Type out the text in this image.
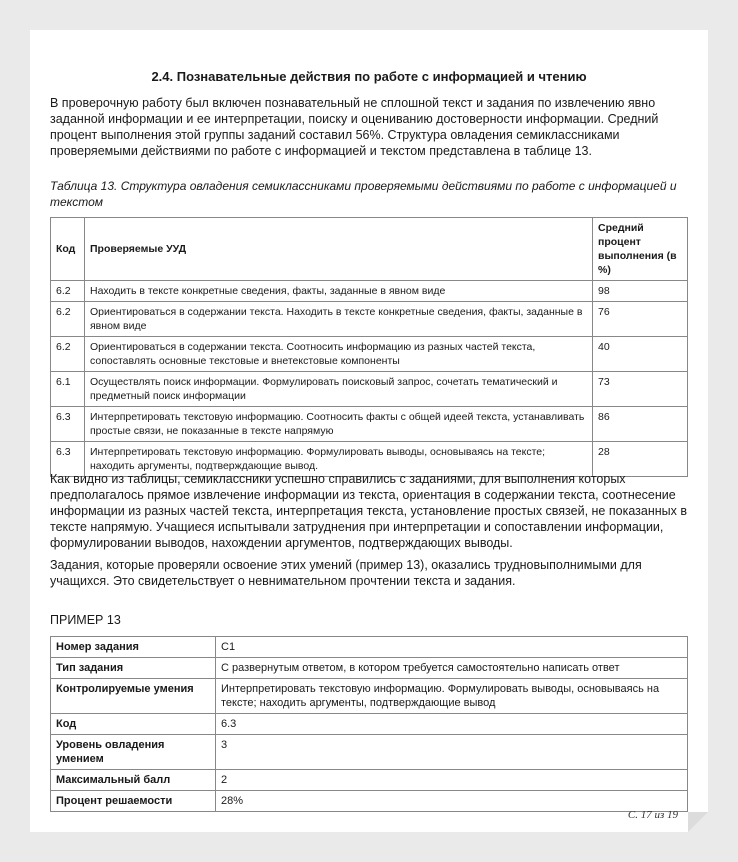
2.4. Познавательные действия по работе с информацией и чтению

В проверочную работу был включен познавательный не сплошной текст и задания по извлечению явно заданной информации и ее интерпретации, поиску и оцениванию достоверности информации. Средний процент выполнения этой группы заданий составил 56%. Структура овладения семиклассниками проверяемыми действиями по работе с информацией и текстом представлена в таблице 13.

Таблица 13. Структура овладения семиклассниками проверяемыми действиями по работе с информацией и текстом

Код	Проверяемые УУД	Средний процент выполнения (в %)
6.2	Находить в тексте конкретные сведения, факты, заданные в явном виде	98
6.2	Ориентироваться в содержании текста. Находить в тексте конкретные сведения, факты, заданные в явном виде	76
6.2	Ориентироваться в содержании текста. Соотносить информацию из разных частей текста, сопоставлять основные текстовые и внетекстовые компоненты	40
6.1	Осуществлять поиск информации. Формулировать поисковый запрос, сочетать тематический и предметный поиск информации	73
6.3	Интерпретировать текстовую информацию. Соотносить факты с общей идеей текста, устанавливать простые связи, не показанные в тексте напрямую	86
6.3	Интерпретировать текстовую информацию. Формулировать выводы, основываясь на тексте; находить аргументы, подтверждающие вывод.	28

Как видно из таблицы, семиклассники успешно справились с заданиями, для выполнения которых предполагалось прямое извлечение информации из текста, ориентация в содержании текста, соотнесение информации из разных частей текста, интерпретация текста, установление простых связей, не показанных в тексте напрямую. Учащиеся испытывали затруднения при интерпретации и сопоставлении информации, формулировании выводов, нахождении аргументов, подтверждающих выводы.

Задания, которые проверяли освоение этих умений (пример 13), оказались трудновыполнимыми для учащихся. Это свидетельствует о невнимательном прочтении текста и задания.

ПРИМЕР 13
Номер задания	С1
Тип задания	С развернутым ответом, в котором требуется самостоятельно написать ответ
Контролируемые умения	Интерпретировать текстовую информацию. Формулировать выводы, основываясь на тексте; находить аргументы, подтверждающие вывод
Код	6.3
Уровень овладения умением	3
Максимальный балл	2
Процент решаемости	28%
С. 17 из 19
